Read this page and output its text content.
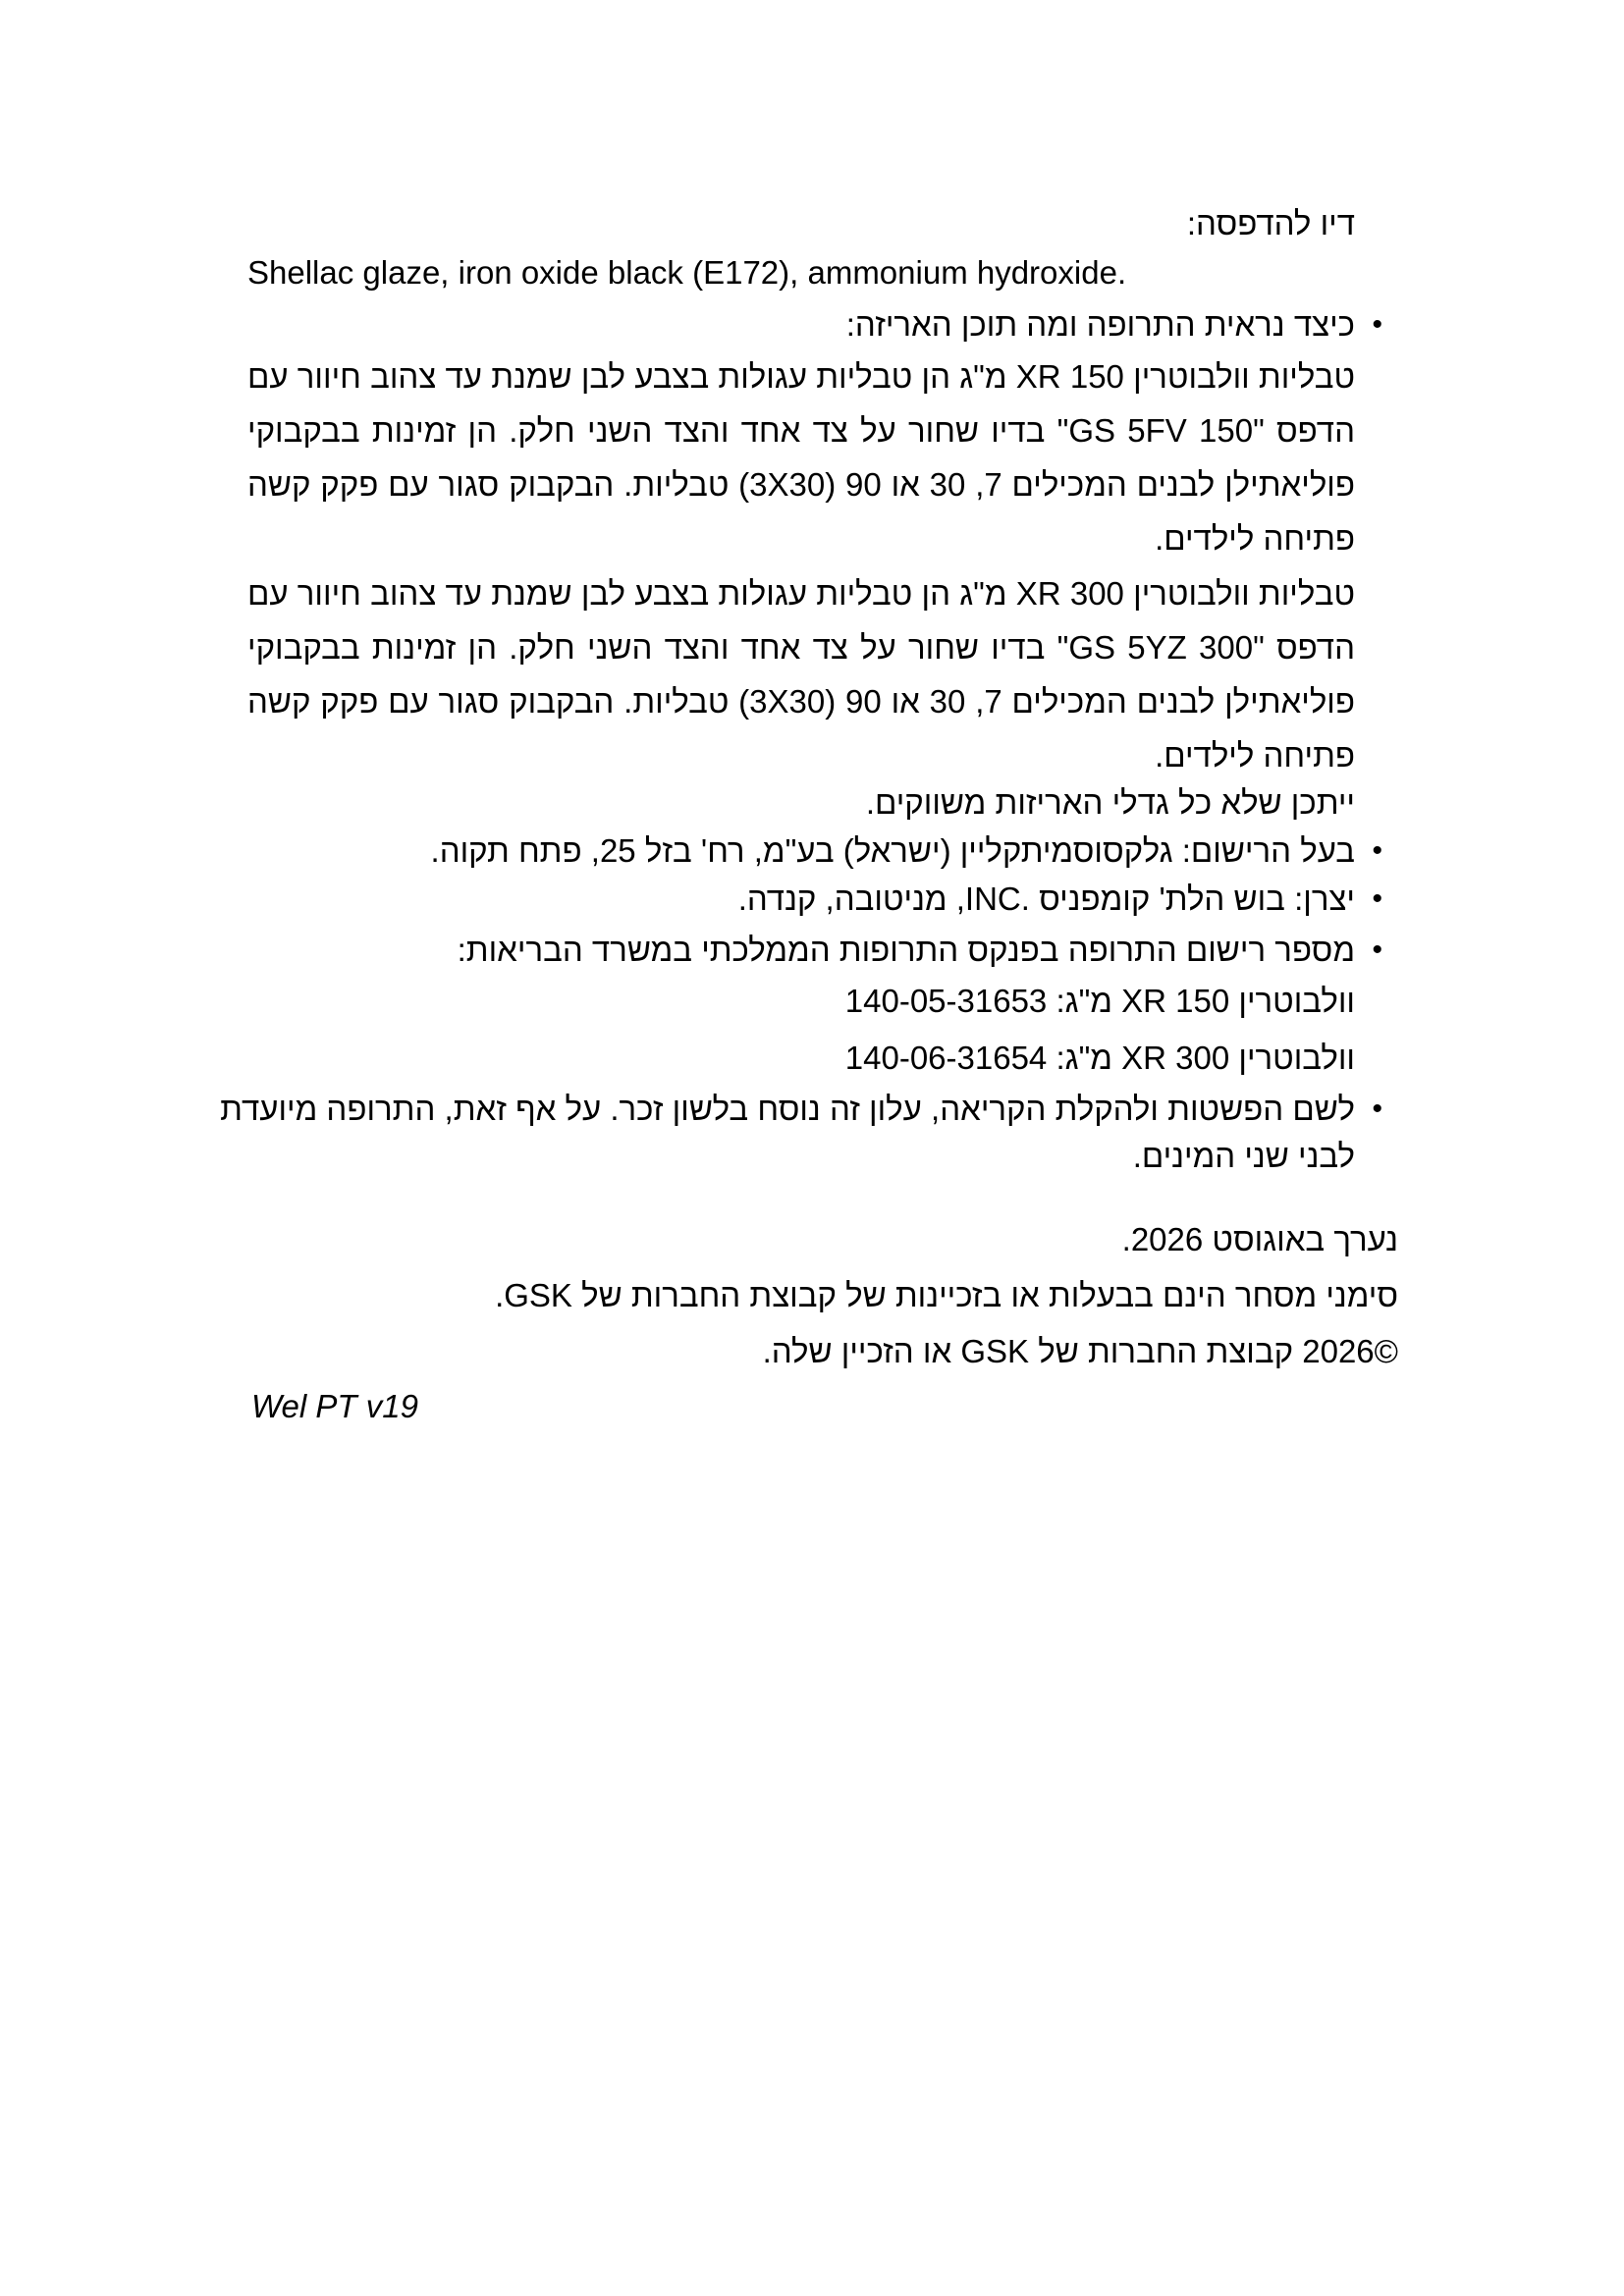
דיו להדפסה:
Shellac glaze, iron oxide black (E172), ammonium hydroxide.
•
כיצד נראית התרופה ומה תוכן האריזה:
טבליות וולבוטרין XR 150 מ"ג הן טבליות עגולות בצבע לבן שמנת עד צהוב חיוור עם
הדפס "GS 5FV 150" בדיו שחור על צד אחד והצד השני חלק. הן זמינות בבקבוקי
פוליאתילן לבנים המכילים 7, 30 או 90 (3X30) טבליות. הבקבוק סגור עם פקק קשה
פתיחה לילדים.
טבליות וולבוטרין XR 300 מ"ג הן טבליות עגולות בצבע לבן שמנת עד צהוב חיוור עם
הדפס "GS 5YZ 300" בדיו שחור על צד אחד והצד השני חלק. הן זמינות בבקבוקי
פוליאתילן לבנים המכילים 7, 30 או 90 (3X30) טבליות. הבקבוק סגור עם פקק קשה
פתיחה לילדים.
ייתכן שלא כל גדלי האריזות משווקים.
•
בעל הרישום: גלקסוסמיתקליין (ישראל) בע"מ, רח' בזל 25, פתח תקוה.
•
יצרן: בוש הלת' קומפניס .INC, מניטובה, קנדה.
•
מספר רישום התרופה בפנקס התרופות הממלכתי במשרד הבריאות:
וולבוטרין XR 150 מ"ג: 140-05-31653
וולבוטרין XR 300 מ"ג: 140-06-31654
•
לשם הפשטות ולהקלת הקריאה, עלון זה נוסח בלשון זכר. על אף זאת, התרופה מיועדת
לבני שני המינים.
נערך באוגוסט 2026.
סימני מסחר הינם בבעלות או בזכיינות של קבוצת החברות של GSK.
©2026 קבוצת החברות של GSK או הזכיין שלה.
Wel PT v19
